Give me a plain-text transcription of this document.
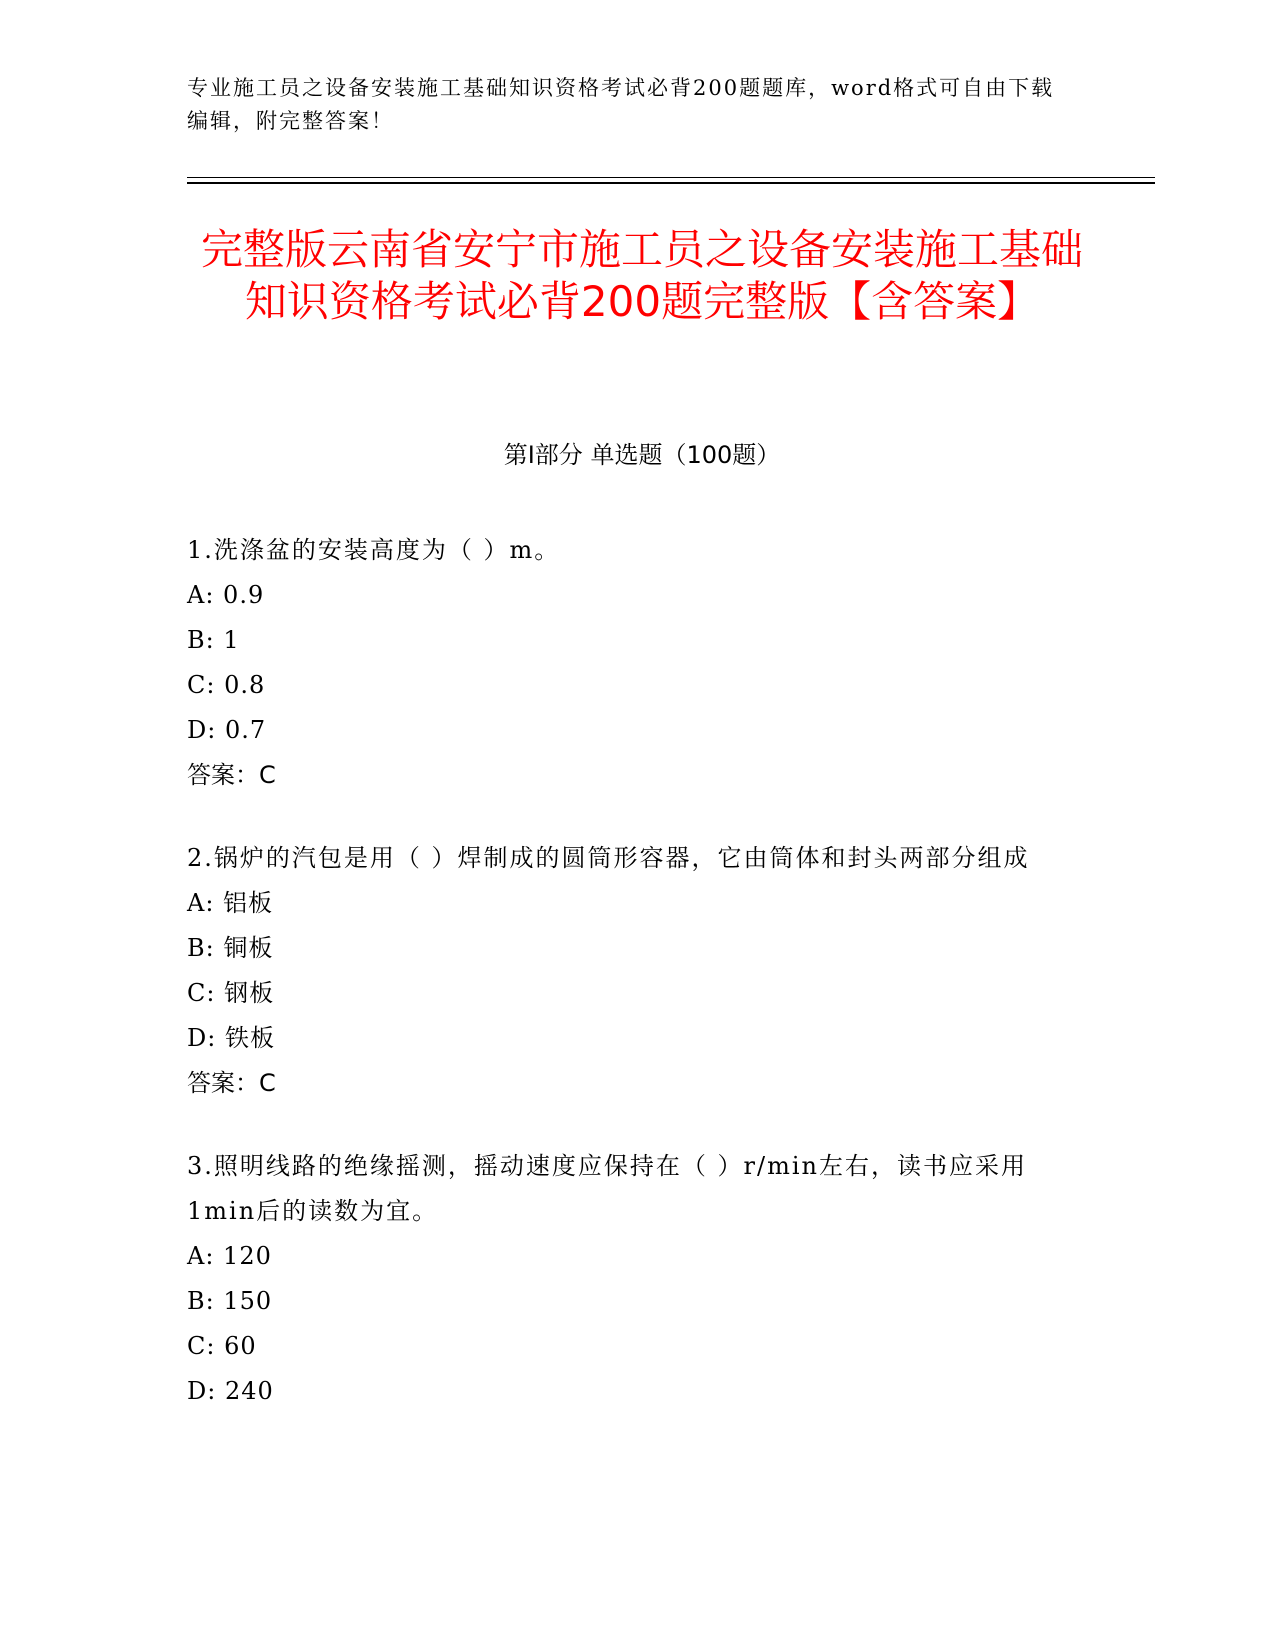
专业施工员之设备安装施工基础知识资格考试必背200题题库，word格式可自由下载编辑，附完整答案！
完整版云南省安宁市施工员之设备安装施工基础知识资格考试必背200题完整版【含答案】
第I部分 单选题（100题）
1.洗涤盆的安装高度为（ ）m。
A: 0.9
B: 1
C: 0.8
D: 0.7
答案：C
2.锅炉的汽包是用（ ）焊制成的圆筒形容器，它由筒体和封头两部分组成
A: 铝板
B: 铜板
C: 钢板
D: 铁板
答案：C
3.照明线路的绝缘摇测，摇动速度应保持在（ ）r/min左右，读书应采用1min后的读数为宜。
A: 120
B: 150
C: 60
D: 240
